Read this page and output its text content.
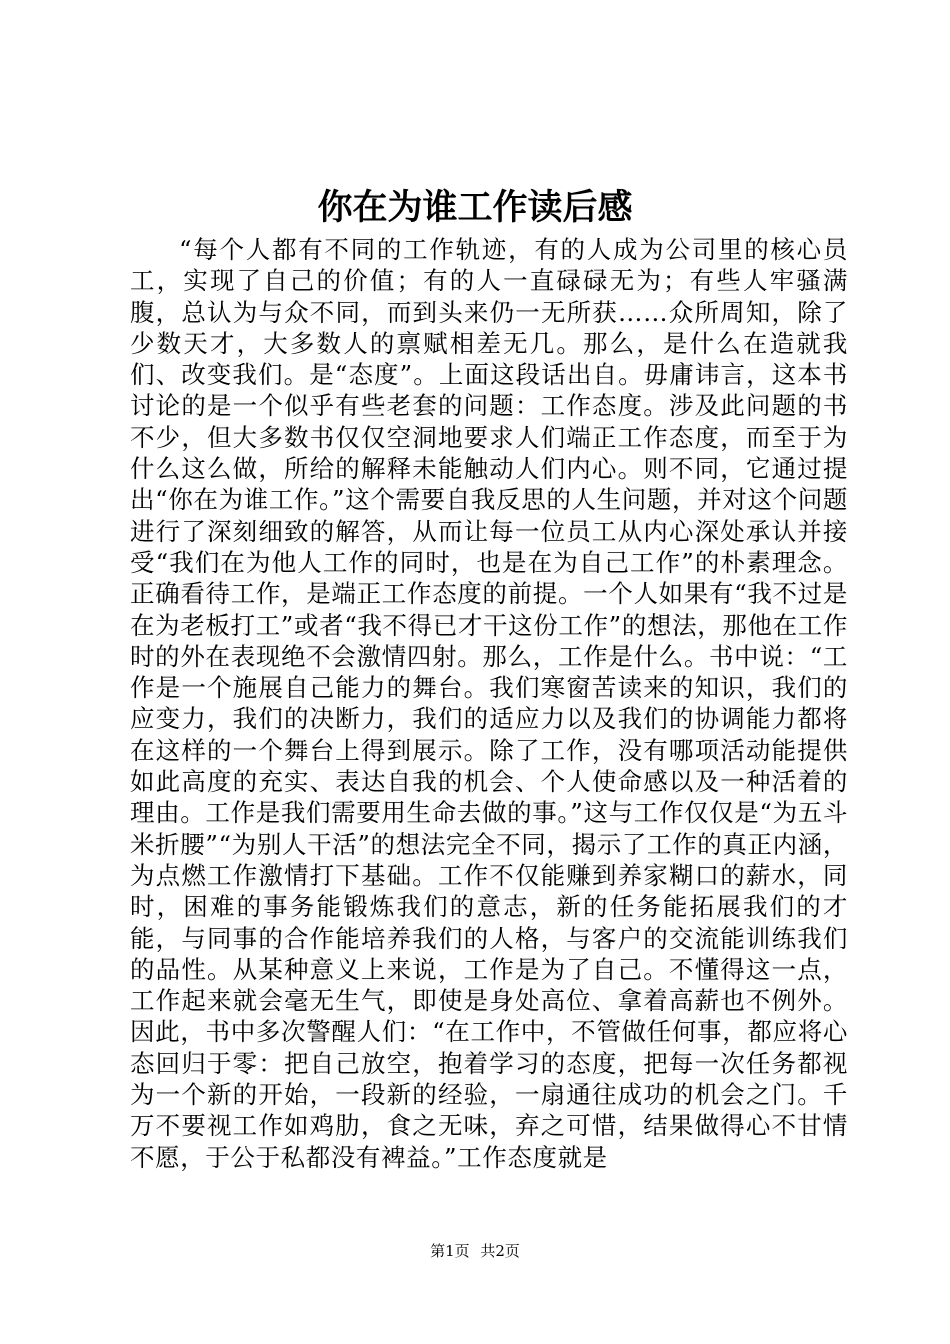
你在为谁工作读后感

“每个人都有不同的工作轨迹，有的人成为公司里的核心员工，实现了自己的价值；有的人一直碌碌无为；有些人牢骚满腹，总认为与众不同，而到头来仍一无所获……众所周知，除了少数天才，大多数人的禀赋相差无几。那么，是什么在造就我们、改变我们。是“态度”。上面这段话出自。毋庸讳言，这本书讨论的是一个似乎有些老套的问题：工作态度。涉及此问题的书不少，但大多数书仅仅空洞地要求人们端正工作态度，而至于为什么这么做，所给的解释未能触动人们内心。则不同，它通过提出“你在为谁工作。”这个需要自我反思的人生问题，并对这个问题进行了深刻细致的解答，从而让每一位员工从内心深处承认并接受“我们在为他人工作的同时，也是在为自己工作”的朴素理念。正确看待工作，是端正工作态度的前提。一个人如果有“我不过是在为老板打工”或者“我不得已才干这份工作”的想法，那他在工作时的外在表现绝不会激情四射。那么，工作是什么。书中说：“工作是一个施展自己能力的舞台。我们寒窗苦读来的知识，我们的应变力，我们的决断力，我们的适应力以及我们的协调能力都将在这样的一个舞台上得到展示。除了工作，没有哪项活动能提供如此高度的充实、表达自我的机会、个人使命感以及一种活着的理由。工作是我们需要用生命去做的事。”这与工作仅仅是“为五斗米折腰”“为别人干活”的想法完全不同，揭示了工作的真正内涵，为点燃工作激情打下基础。工作不仅能赚到养家糊口的薪水，同时，困难的事务能锻炼我们的意志，新的任务能拓展我们的才能，与同事的合作能培养我们的人格，与客户的交流能训练我们的品性。从某种意义上来说，工作是为了自己。不懂得这一点，工作起来就会毫无生气，即使是身处高位、拿着高薪也不例外。因此，书中多次警醒人们：“在工作中，不管做任何事，都应将心态回归于零：把自己放空，抱着学习的态度，把每一次任务都视为一个新的开始，一段新的经验，一扇通往成功的机会之门。千万不要视工作如鸡肋，食之无味，弃之可惜，结果做得心不甘情不愿，于公于私都没有裨益。”工作态度就是

第1页 共2页
